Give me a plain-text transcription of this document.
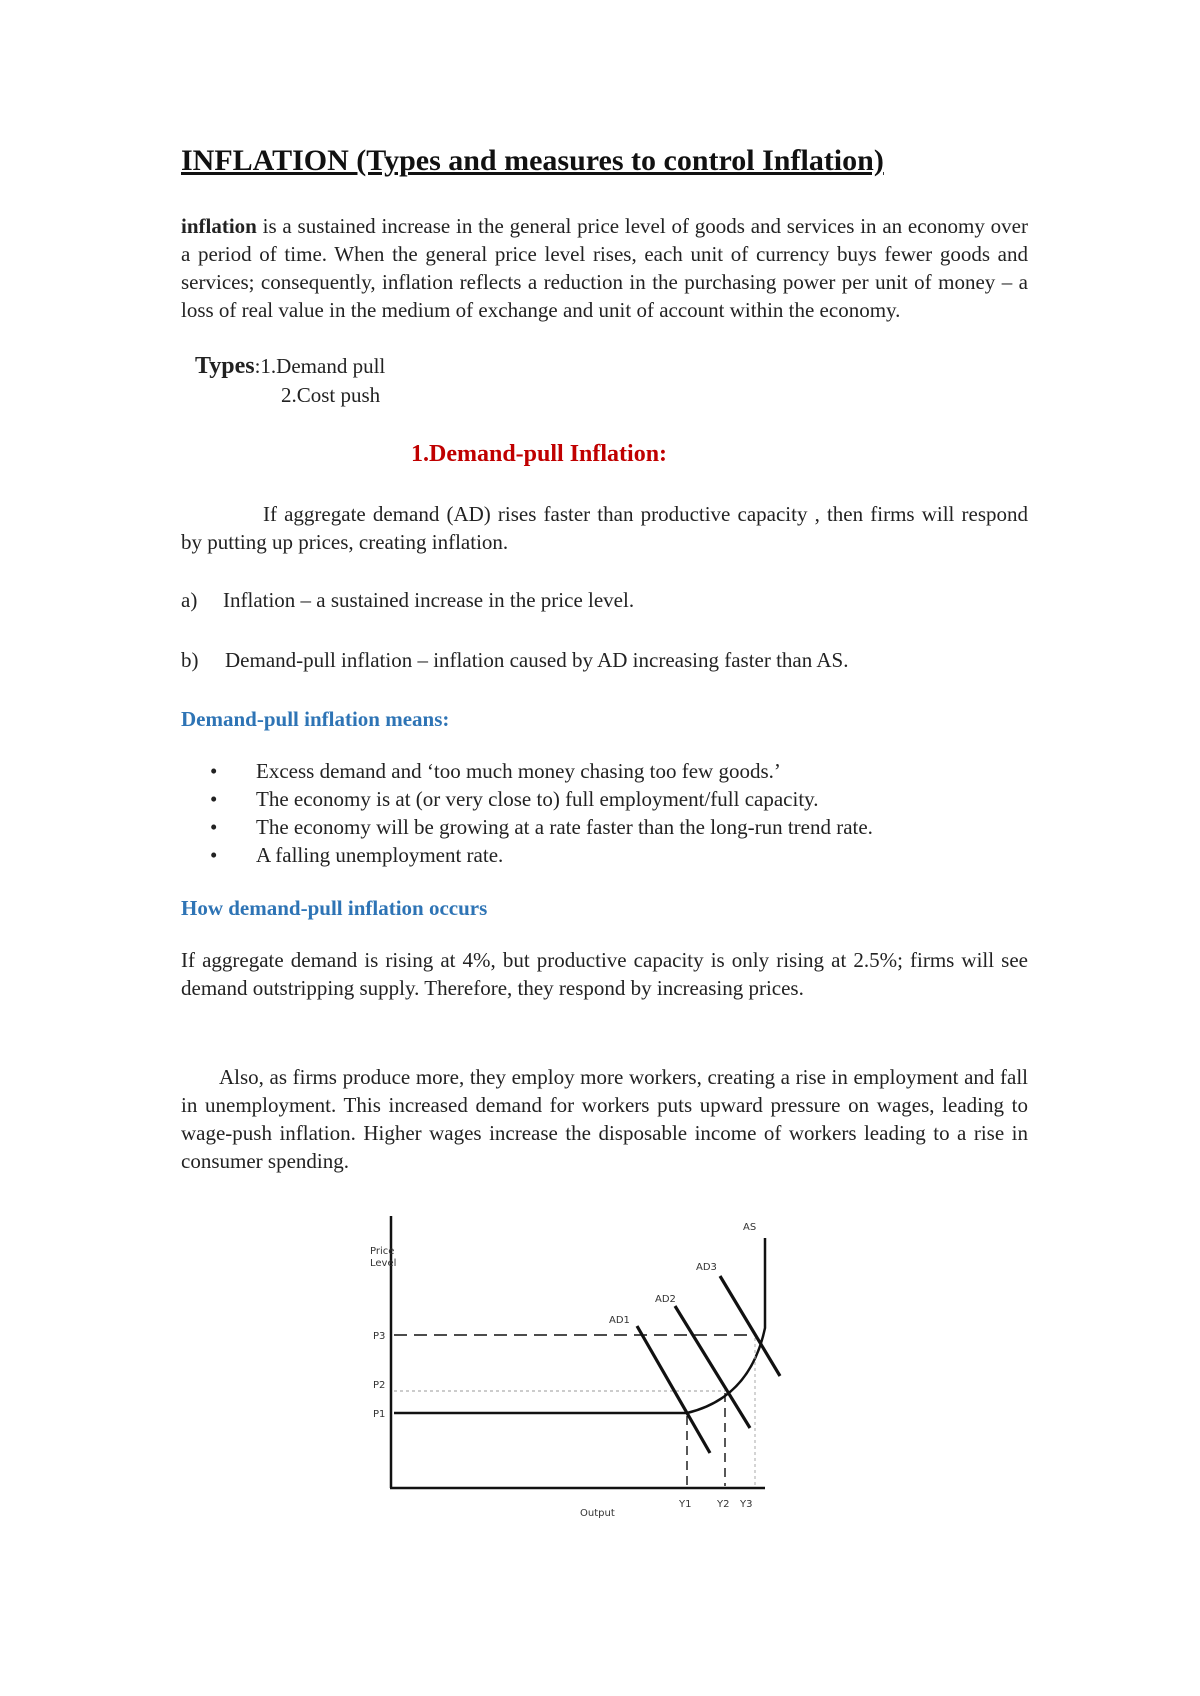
INFLATION (Types and measures to control Inflation)
inflation is a sustained increase in the general price level of goods and services in an economy over a period of time. When the general price level rises, each unit of currency buys fewer goods and services; consequently, inflation reflects a reduction in the purchasing power per unit of money – a loss of real value in the medium of exchange and unit of account within the economy.
Types:1.Demand pull
2.Cost push
1.Demand-pull Inflation:
If aggregate demand (AD) rises faster than productive capacity , then firms will respond by putting up prices, creating inflation.
a) Inflation – a sustained increase in the price level.
b) Demand-pull inflation – inflation caused by AD increasing faster than AS.
Demand-pull inflation means:
• Excess demand and ‘too much money chasing too few goods.’
• The economy is at (or very close to) full employment/full capacity.
• The economy will be growing at a rate faster than the long-run trend rate.
• A falling unemployment rate.
How demand-pull inflation occurs
If aggregate demand is rising at 4%, but productive capacity is only rising at 2.5%; firms will see demand outstripping supply. Therefore, they respond by increasing prices.
Also, as firms produce more, they employ more workers, creating a rise in employment and fall in unemployment. This increased demand for workers puts upward pressure on wages, leading to wage-push inflation. Higher wages increase the disposable income of workers leading to a rise in consumer spending.
Price
Level
Output
P1
P2
P3
Y1	Y2 Y3
AD1
AD2
AD3
AS
